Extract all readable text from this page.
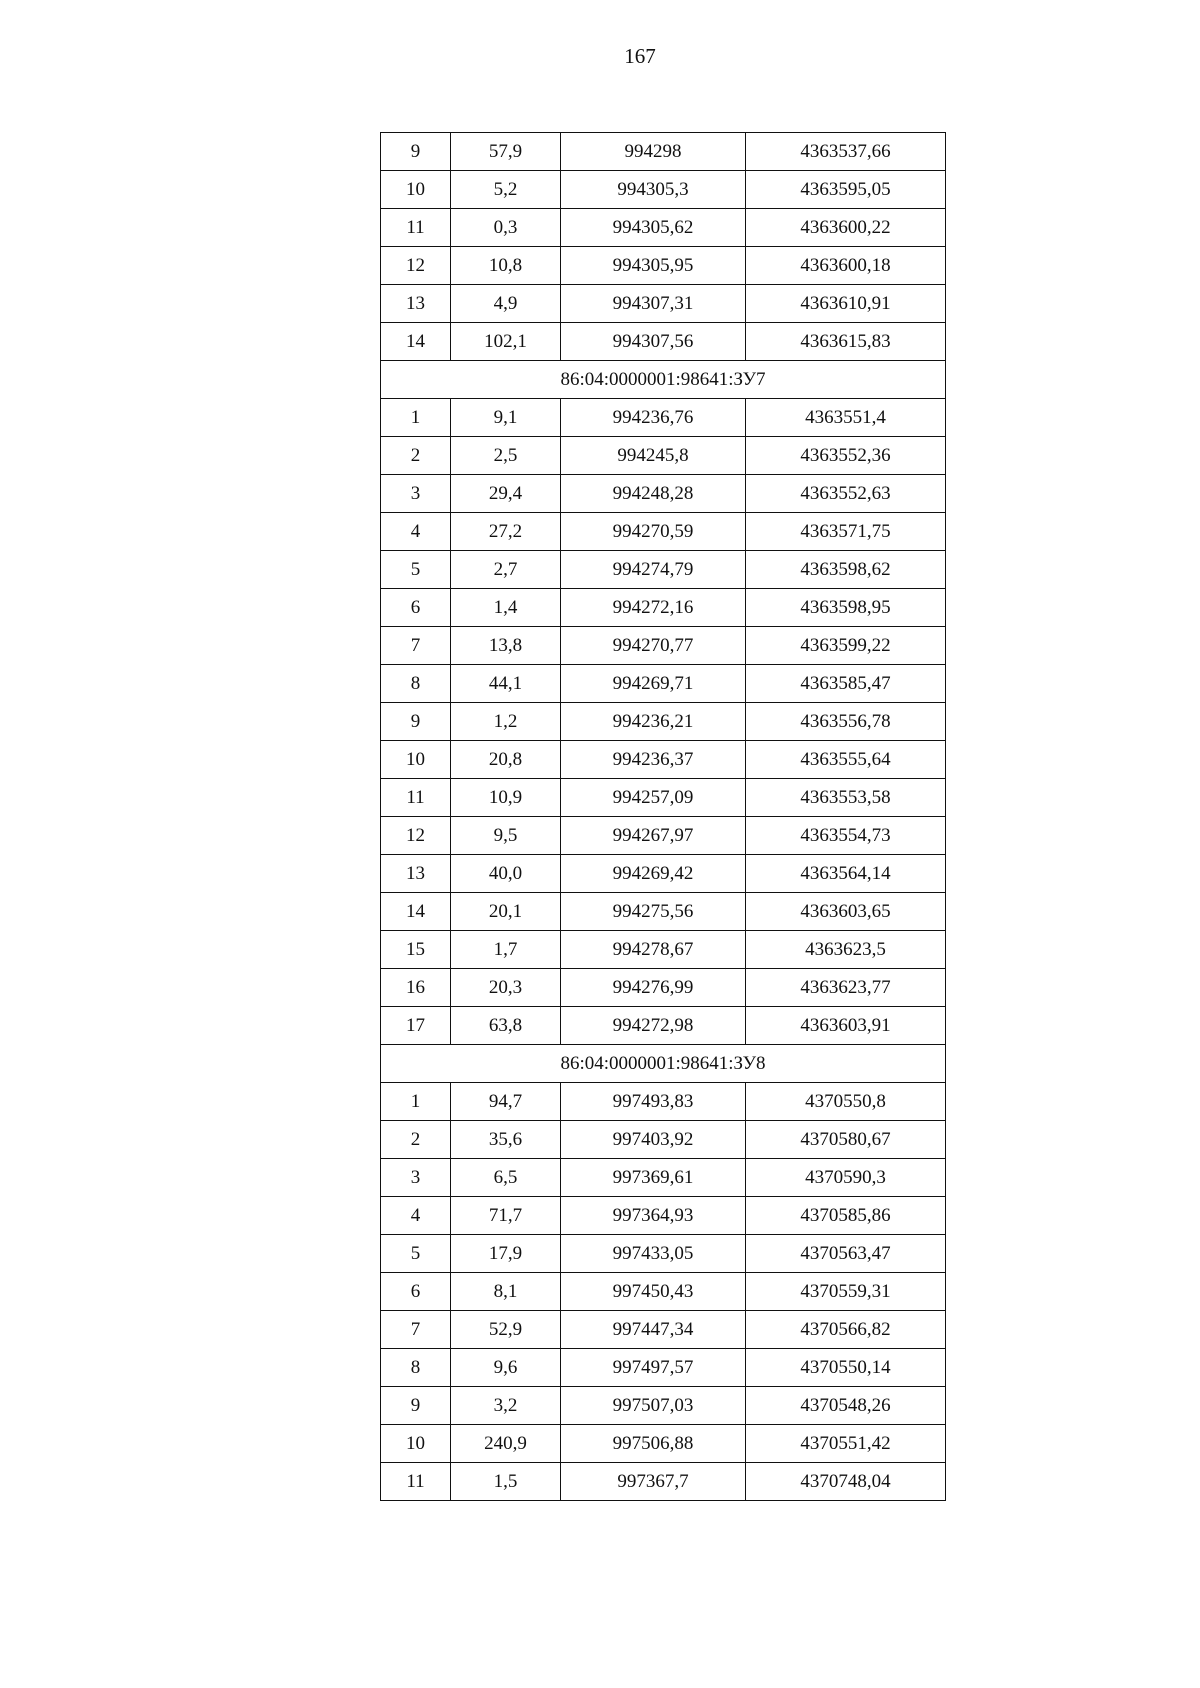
167
9	57,9	994298	4363537,66
10	5,2	994305,3	4363595,05
11	0,3	994305,62	4363600,22
12	10,8	994305,95	4363600,18
13	4,9	994307,31	4363610,91
14	102,1	994307,56	4363615,83
86:04:0000001:98641:ЗУ7			
1	9,1	994236,76	4363551,4
2	2,5	994245,8	4363552,36
3	29,4	994248,28	4363552,63
4	27,2	994270,59	4363571,75
5	2,7	994274,79	4363598,62
6	1,4	994272,16	4363598,95
7	13,8	994270,77	4363599,22
8	44,1	994269,71	4363585,47
9	1,2	994236,21	4363556,78
10	20,8	994236,37	4363555,64
11	10,9	994257,09	4363553,58
12	9,5	994267,97	4363554,73
13	40,0	994269,42	4363564,14
14	20,1	994275,56	4363603,65
15	1,7	994278,67	4363623,5
16	20,3	994276,99	4363623,77
17	63,8	994272,98	4363603,91
86:04:0000001:98641:ЗУ8			
1	94,7	997493,83	4370550,8
2	35,6	997403,92	4370580,67
3	6,5	997369,61	4370590,3
4	71,7	997364,93	4370585,86
5	17,9	997433,05	4370563,47
6	8,1	997450,43	4370559,31
7	52,9	997447,34	4370566,82
8	9,6	997497,57	4370550,14
9	3,2	997507,03	4370548,26
10	240,9	997506,88	4370551,42
11	1,5	997367,7	4370748,04
